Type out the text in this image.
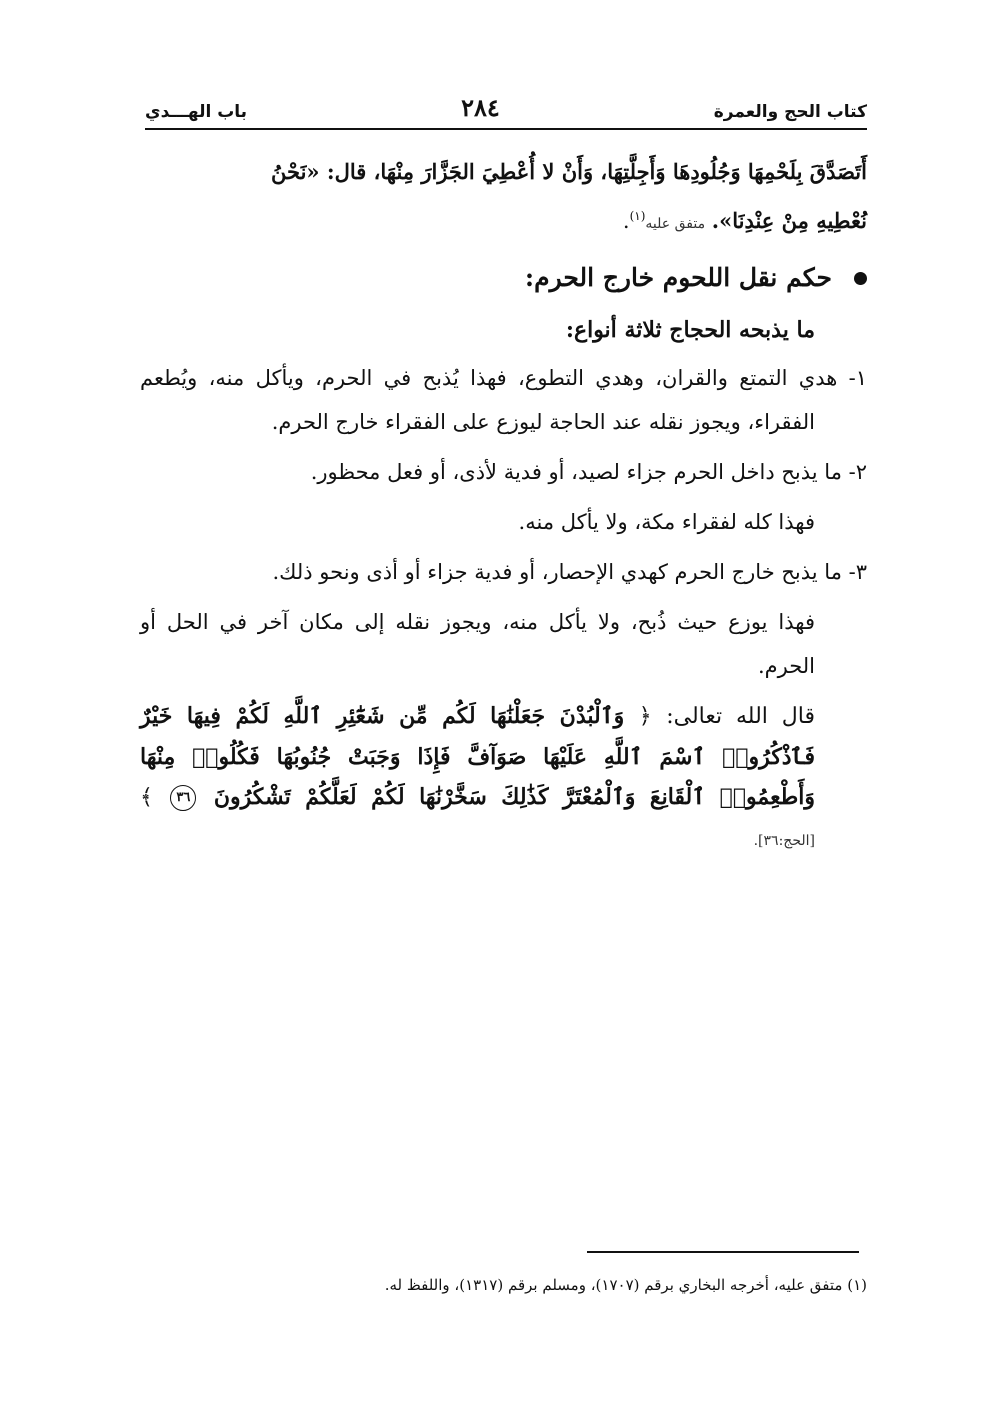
كتاب الحج والعمرة
٢٨٤
باب الهـــدي

أَتَصَدَّقَ بِلَحْمِهَا وَجُلُودِهَا وَأَجِلَّتِهَا، وَأَنْ لا أُعْطِيَ الجَزَّارَ مِنْهَا، قال: «نَحْنُ

نُعْطِيهِ مِنْ عِنْدِنَا». متفق عليه$^{(١)}$.

حكم نقل اللحوم خارج الحرم:
ما يذبحه الحجاج ثلاثة أنواع:

١- هدي التمتع والقران، وهدي التطوع، فهذا يُذبح في الحرم، ويأكل منه، ويُطعم الفقراء، ويجوز نقله عند الحاجة ليوزع على الفقراء خارج الحرم.

٢- ما يذبح داخل الحرم جزاء لصيد، أو فدية لأذى، أو فعل محظور.

فهذا كله لفقراء مكة، ولا يأكل منه.

٣- ما يذبح خارج الحرم كهدي الإحصار، أو فدية جزاء أو أذى ونحو ذلك.

فهذا يوزع حيث ذُبح، ولا يأكل منه، ويجوز نقله إلى مكان آخر في الحل أو الحرم.

قال الله تعالى: ﴿ وَٱلْبُدْنَ جَعَلْنَٰهَا لَكُم مِّن شَعَٰٓئِرِ ٱللَّهِ لَكُمْ فِيهَا خَيْرٌ فَٱذْكُرُوا۟ ٱسْمَ ٱللَّهِ عَلَيْهَا صَوَآفَّ فَإِذَا وَجَبَتْ جُنُوبُهَا فَكُلُوا۟ مِنْهَا وَأَطْعِمُوا۟ ٱلْقَانِعَ وَٱلْمُعْتَرَّ كَذَٰلِكَ سَخَّرْنَٰهَا لَكُمْ لَعَلَّكُمْ تَشْكُرُونَ ٣٦ ﴾ [الحج:٣٦].

(١) متفق عليه، أخرجه البخاري برقم (١٧٠٧)، ومسلم برقم (١٣١٧)، واللفظ له.
